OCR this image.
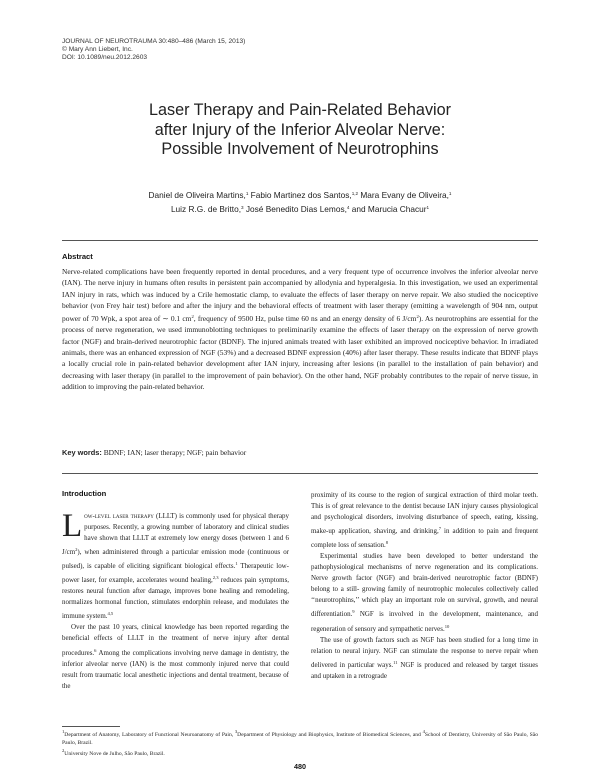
JOURNAL OF NEUROTRAUMA 30:480–486 (March 15, 2013)
© Mary Ann Liebert, Inc.
DOI: 10.1089/neu.2012.2603
Laser Therapy and Pain-Related Behavior
after Injury of the Inferior Alveolar Nerve:
Possible Involvement of Neurotrophins
Daniel de Oliveira Martins,$^1$ Fabio Martinez dos Santos,$^{1,2}$ Mara Evany de Oliveira,$^1$
Luiz R.G. de Britto,$^3$ José Benedito Dias Lemos,$^4$ and Marucia Chacur$^1$
Abstract
Nerve-related complications have been frequently reported in dental procedures, and a very frequent type of occurrence involves the inferior alveolar nerve (IAN). The nerve injury in humans often results in persistent pain accompanied by allodynia and hyperalgesia. In this investigation, we used an experimental IAN injury in rats, which was induced by a Crile hemostatic clamp, to evaluate the effects of laser therapy on nerve repair. We also studied the nociceptive behavior (von Frey hair test) before and after the injury and the behavioral effects of treatment with laser therapy (emitting a wavelength of 904 nm, output power of 70 Wpk, a spot area of ∼ 0.1 $cm^2$, frequency of 9500 Hz, pulse time 60 ns and an energy density of 6 $J/cm^2$). As neurotrophins are essential for the process of nerve regeneration, we used immunoblotting techniques to preliminarily examine the effects of laser therapy on the expression of nerve growth factor (NGF) and brain-derived neurotrophic factor (BDNF). The injured animals treated with laser exhibited an improved nociceptive behavior. In irradiated animals, there was an enhanced expression of NGF (53%) and a decreased BDNF expression (40%) after laser therapy. These results indicate that BDNF plays a locally crucial role in pain-related behavior development after IAN injury, increasing after lesions (in parallel to the installation of pain behavior) and decreasing with laser therapy (in parallel to the improvement of pain behavior). On the other hand, NGF probably contributes to the repair of nerve tissue, in addition to improving the pain-related behavior.
Key words: BDNF; IAN; laser therapy; NGF; pain behavior
Introduction

Low-level laser therapy (LLLT) is commonly used for physical therapy purposes. Recently, a growing number of laboratory and clinical studies have shown that LLLT at extremely low energy doses (between 1 and 6 $J/cm^2$), when administered through a particular emission mode (continuous or pulsed), is capable of eliciting significant biological effects.$^1$ Therapeutic low-power laser, for example, accelerates wound healing,$^{2,3}$ reduces pain symptoms, restores neural function after damage, improves bone healing and remodeling, normalizes hormonal function, stimulates endorphin release, and modulates the immune system.$^{4,5}$

Over the past 10 years, clinical knowledge has been reported regarding the beneficial effects of LLLT in the treatment of nerve injury after dental procedures.$^6$ Among the complications involving nerve damage in dentistry, the inferior alveolar nerve (IAN) is the most commonly injured nerve that could result from traumatic local anesthetic injections and dental treatment, because of the

proximity of its course to the region of surgical extraction of third molar teeth. This is of great relevance to the dentist because IAN injury causes physiological and psychological disorders, involving disturbance of speech, eating, kissing, make-up application, shaving, and drinking,$^7$ in addition to pain and frequent complete loss of sensation.$^8$

Experimental studies have been developed to better understand the pathophysiological mechanisms of nerve regeneration and its complications. Nerve growth factor (NGF) and brain-derived neurotrophic factor (BDNF) belong to a still- growing family of neurotrophic molecules collectively called ‘‘neurotrophins,’’ which play an important role on survival, growth, and neural differentiation.$^9$ NGF is involved in the development, maintenance, and regeneration of sensory and sympathetic nerves.$^{10}$

The use of growth factors such as NGF has been studied for a long time in relation to neural injury. NGF can stimulate the response to nerve repair when delivered in particular ways.$^{11}$ NGF is produced and released by target tissues and uptaken in a retrograde

$^1$Department of Anatomy, Laboratory of Functional Neuroanatomy of Pain, $^3$Department of Physiology and Biophysics, Institute of Biomedical Sciences, and $^4$School of Dentistry, University of São Paulo, São Paulo, Brazil.
$^2$University Nove de Julho, São Paulo, Brazil.
480
